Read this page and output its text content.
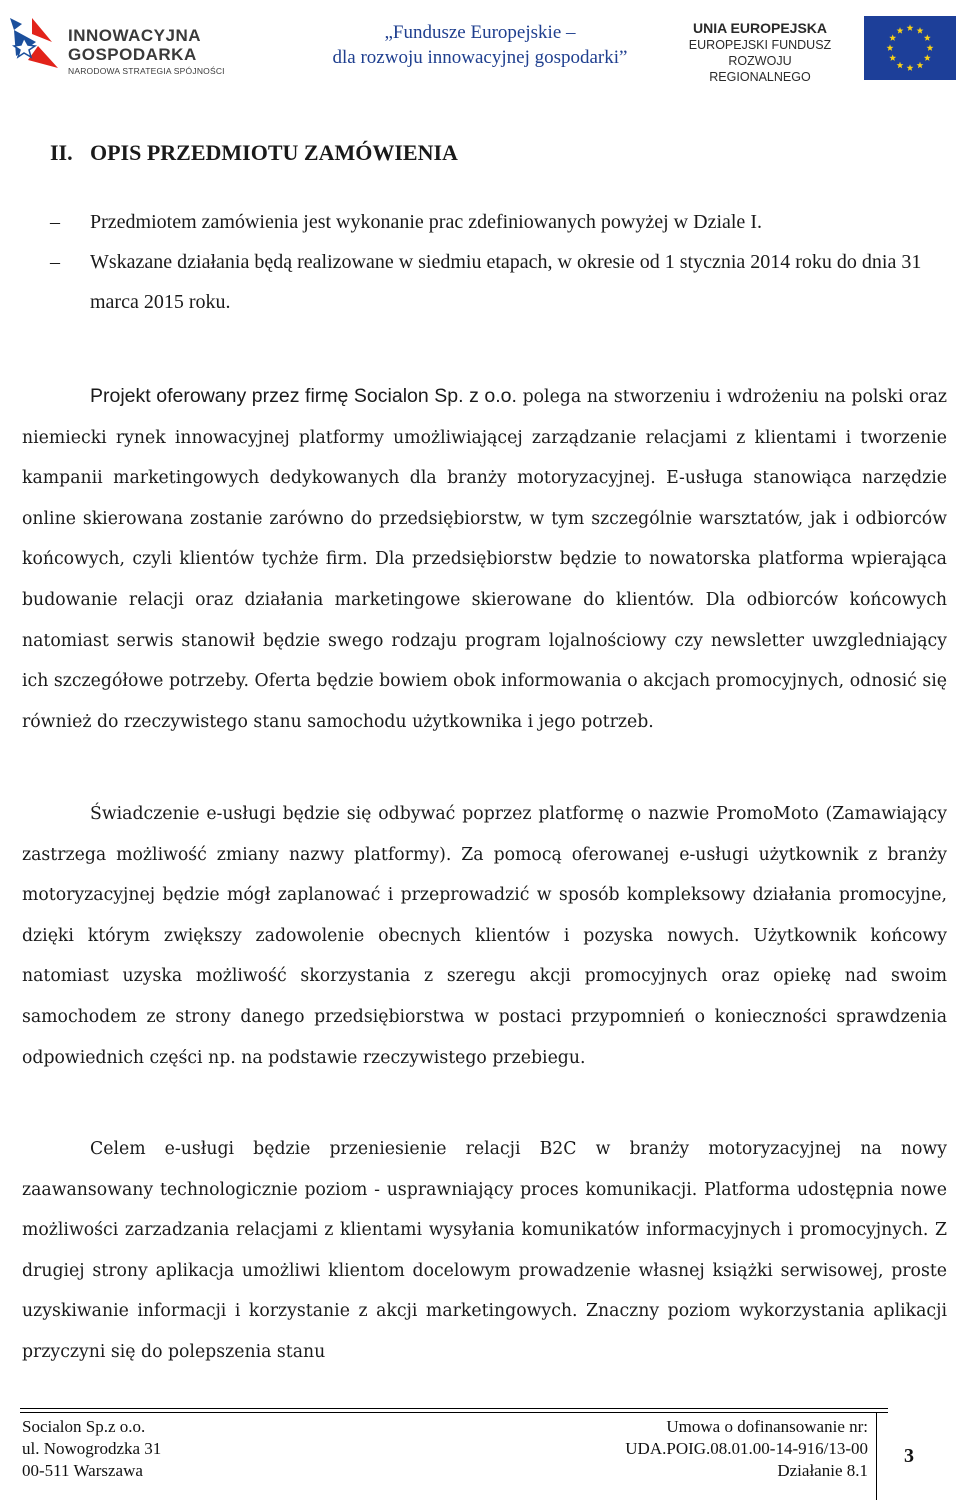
INNOWACYJNA
GOSPODARKA
NARODOWA STRATEGIA SPÓJNOŚCI
„Fundusze Europejskie –
dla rozwoju innowacyjnej gospodarki”
UNIA EUROPEJSKA
EUROPEJSKI FUNDUSZ
ROZWOJU REGIONALNEGO
II. OPIS PRZEDMIOTU ZAMÓWIENIA
– Przedmiotem zamówienia jest wykonanie prac zdefiniowanych powyżej w Dziale I.
– Wskazane działania będą realizowane w siedmiu etapach, w okresie od 1 stycznia 2014 roku do dnia 31 marca 2015 roku.

Projekt oferowany przez firmę Socialon Sp. z o.o. polega na stworzeniu i wdrożeniu na polski oraz niemiecki rynek innowacyjnej platformy umożliwiającej zarządzanie relacjami z klientami i tworzenie kampanii marketingowych dedykowanych dla branży motoryzacyjnej. E-usługa stanowiąca narzędzie online skierowana zostanie zarówno do przedsiębiorstw, w tym szczególnie warsztatów, jak i odbiorców końcowych, czyli klientów tychże firm. Dla przedsiębiorstw będzie to nowatorska platforma wpierająca budowanie relacji oraz działania marketingowe skierowane do klientów. Dla odbiorców końcowych natomiast serwis stanowił będzie swego rodzaju program lojalnościowy czy newsletter uwzgledniający ich szczegółowe potrzeby. Oferta będzie bowiem obok informowania o akcjach promocyjnych, odnosić się również do rzeczywistego stanu samochodu użytkownika i jego potrzeb.

Świadczenie e-usługi będzie się odbywać poprzez platformę o nazwie PromoMoto (Zamawiający zastrzega możliwość zmiany nazwy platformy). Za pomocą oferowanej e-usługi użytkownik z branży motoryzacyjnej będzie mógł zaplanować i przeprowadzić w sposób kompleksowy działania promocyjne, dzięki którym zwiększy zadowolenie obecnych klientów i pozyska nowych. Użytkownik końcowy natomiast uzyska możliwość skorzystania z szeregu akcji promocyjnych oraz opiekę nad swoim samochodem ze strony danego przedsiębiorstwa w postaci przypomnień o konieczności sprawdzenia odpowiednich części np. na podstawie rzeczywistego przebiegu.

Celem e-usługi będzie przeniesienie relacji B2C w branży motoryzacyjnej na nowy zaawansowany technologicznie poziom - usprawniający proces komunikacji. Platforma udostępnia nowe możliwości zarzadzania relacjami z klientami wysyłania komunikatów informacyjnych i promocyjnych. Z drugiej strony aplikacja umożliwi klientom docelowym prowadzenie własnej książki serwisowej, proste uzyskiwanie informacji i korzystanie z akcji marketingowych. Znaczny poziom wykorzystania aplikacji przyczyni się do polepszenia stanu

Socialon Sp.z o.o.
ul. Nowogrodzka 31
00-511 Warszawa
Umowa o dofinansowanie nr:
UDA.POIG.08.01.00-14-916/13-00
Działanie 8.1
3
